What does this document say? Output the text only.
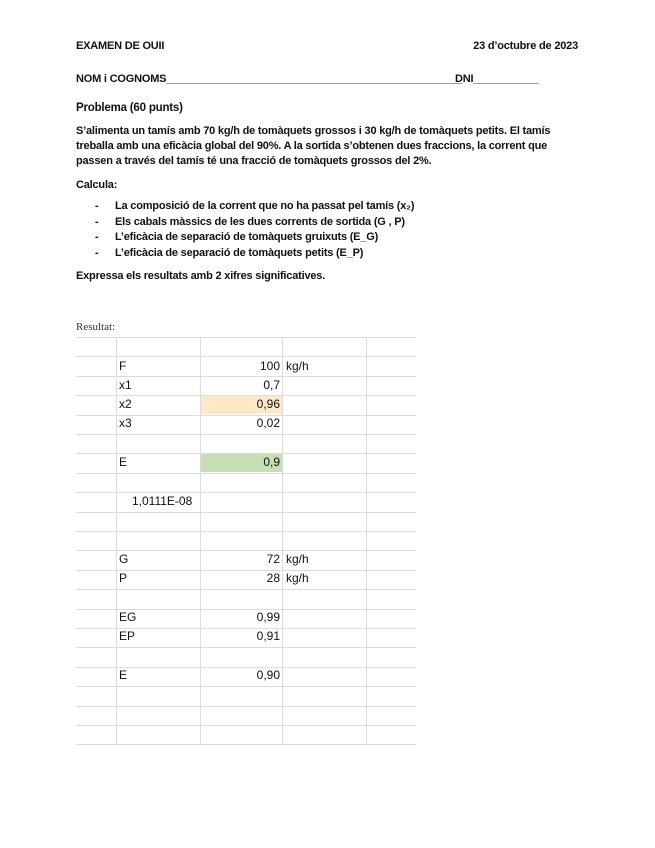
EXAMEN DE OUII	23 d’octubre de 2023
NOM i COGNOMS__________________________________________________
DNI___________
Problema (60 punts)
S’alimenta un tamís amb 70 kg/h de tomàquets grossos i 30 kg/h de tomàquets petits. El tamís treballa amb una eficàcia global del 90%. A la sortida s’obtenen dues fraccions, la corrent que passen a través del tamís té una fracció de tomàquets grossos del 2%.
Calcula:
- La composició de la corrent que no ha passat pel tamís (x₂)
- Els cabals màssics de les dues corrents de sortida (G , P)
- L’eficàcia de separació de tomàquets gruixuts (E_G)
- L’eficàcia de separació de tomàquets petits (E_P)
Expressa els resultats amb 2 xifres significatives.
Resultat:
F	100 kg/h
x1	0,7
x2	0,96
x3	0,02
E	0,9
1,0111E-08
G	72 kg/h
P	28 kg/h
EG	0,99
EP	0,91
E	0,90
